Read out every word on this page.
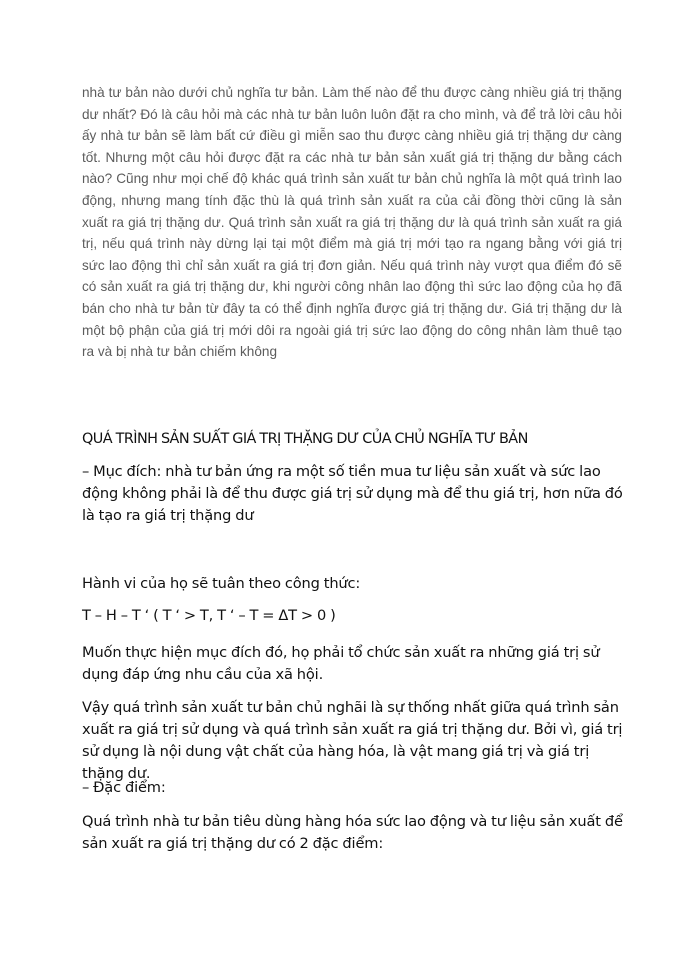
nhà tư bản nào dưới chủ nghĩa tư bản. Làm thế nào để thu được càng nhiều giá trị thặng dư nhất? Đó là câu hỏi mà các nhà tư bản luôn luôn đặt ra cho mình, và để trả lời câu hỏi ấy nhà tư bản sẽ làm bất cứ điều gì miễn sao thu được càng nhiều giá trị thặng dư càng tốt. Nhưng một câu hỏi được đặt ra các nhà tư bản sản xuất giá trị thặng dư bằng cách nào? Cũng như mọi chế độ khác quá trình sản xuất tư bản chủ nghĩa là một quá trình lao động, nhưng mang tính đặc thù là quá trình sản xuất ra của cải đồng thời cũng là sản xuất ra giá trị thặng dư. Quá trình sản xuất ra giá trị thặng dư là quá trình sản xuất ra giá trị, nếu quá trình này dừng lại tại một điểm mà giá trị mới tạo ra ngang bằng với giá trị sức lao động thì chỉ sản xuất ra giá trị đơn giản. Nếu quá trình này vượt qua điểm đó sẽ có sản xuất ra giá trị thặng dư, khi người công nhân lao động thì sức lao động của họ đã bán cho nhà tư bản từ đây ta có thể định nghĩa được giá trị thặng dư. Giá trị thặng dư là một bộ phận của giá trị mới dôi ra ngoài giá trị sức lao động do công nhân làm thuê tạo ra và bị nhà tư bản chiếm không

QUÁ TRÌNH SẢN SUẤT GIÁ TRỊ THẶNG DƯ CỦA CHỦ NGHĨA TƯ BẢN

– Mục đích: nhà tư bản ứng ra một số tiền mua tư liệu sản xuất và sức lao động không phải là để thu được giá trị sử dụng mà để thu giá trị, hơn nữa đó là tạo ra giá trị thặng dư

Hành vi của họ sẽ tuân theo công thức:

T – H – T ‘ ( T ‘ > T, T ‘ – T = ΔT > 0 )

Muốn thực hiện mục đích đó, họ phải tổ chức sản xuất ra những giá trị sử dụng đáp ứng nhu cầu của xã hội.

Vậy quá trình sản xuất tư bản chủ nghãi là sự thống nhất giữa quá trình sản xuất ra giá trị sử dụng và quá trình sản xuất ra giá trị thặng dư. Bởi vì, giá trị sử dụng là nội dung vật chất của hàng hóa, là vật mang giá trị và giá trị thặng dư.

– Đặc điểm:

Quá trình nhà tư bản tiêu dùng hàng hóa sức lao động và tư liệu sản xuất để sản xuất ra giá trị thặng dư có 2 đặc điểm:
